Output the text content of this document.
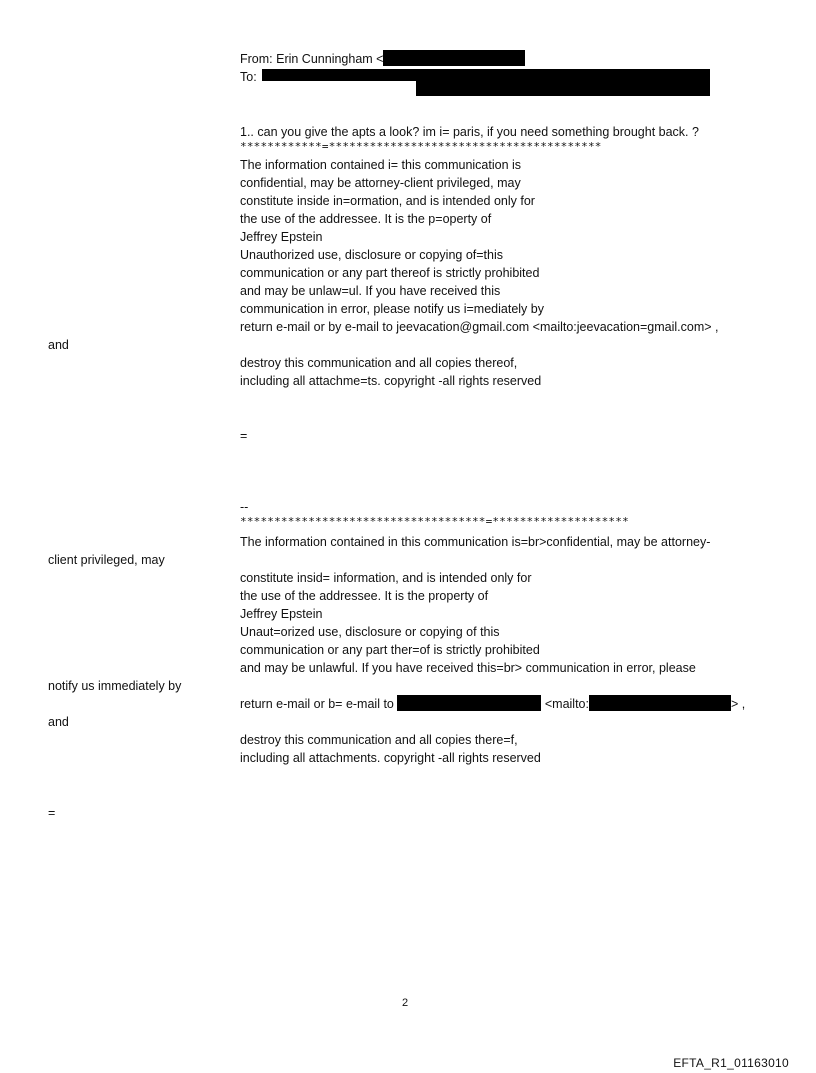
From: Erin Cunningham <
To:
1.. can you give the apts a look? im i= paris, if you need something brought back. ?
************=****************************************
The information contained i= this communication is
confidential, may be attorney-client privileged, may
constitute inside in=ormation, and is intended only for
the use of the addressee. It is the p=operty of
Jeffrey Epstein
Unauthorized use, disclosure or copying of=this
communication or any part thereof is strictly prohibited
and may be unlaw=ul. If you have received this
communication in error, please notify us i=mediately by
return e-mail or by e-mail to jeevacation@gmail.com <mailto:jeevacation=gmail.com> ,
and
destroy this communication and all copies thereof,
including all attachme=ts. copyright -all rights reserved
=
--
************************************=********************
The information contained in this communication is=br>confidential, may be attorney-
client privileged, may
constitute insid= information, and is intended only for
the use of the addressee. It is the property of
Jeffrey Epstein
Unaut=orized use, disclosure or copying of this
communication or any part ther=of is strictly prohibited
and may be unlawful. If you have received this=br> communication in error, please
notify us immediately by
return e-mail or b= e-mail to	<mailto:	> ,
and
destroy this communication and all copies there=f,
including all attachments. copyright -all rights reserved
=
2
EFTA_R1_01163010
